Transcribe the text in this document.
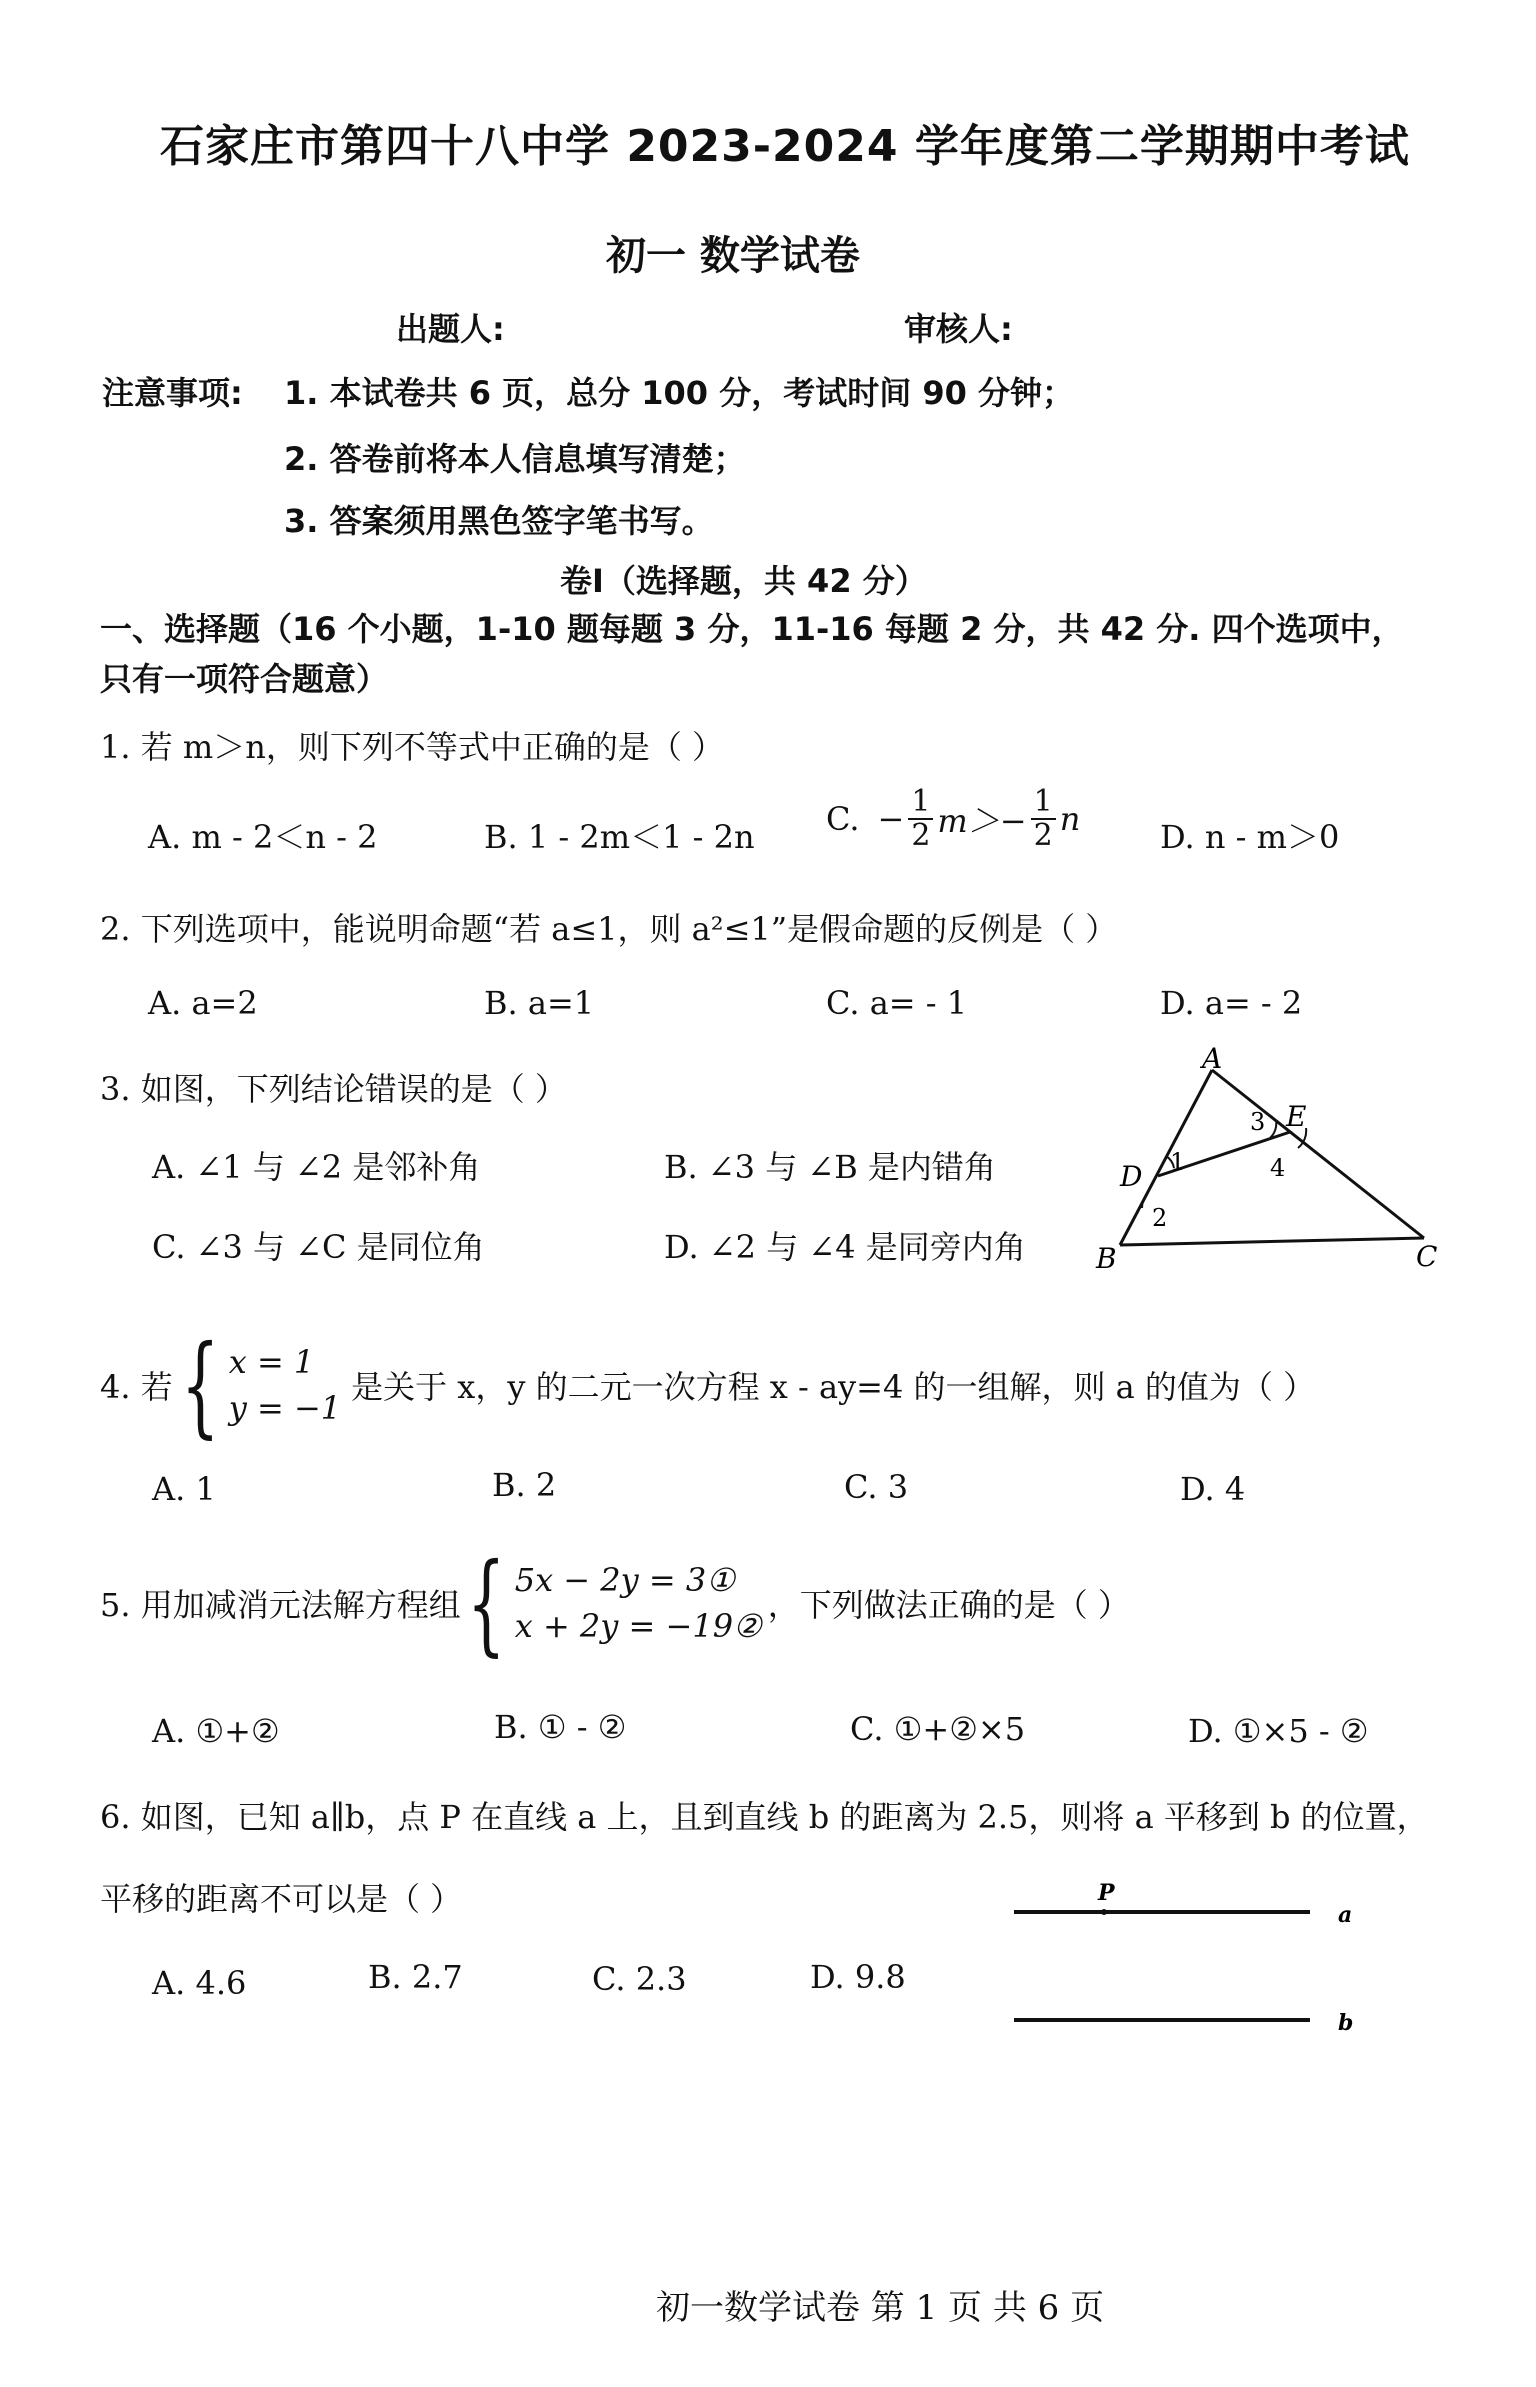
石家庄市第四十八中学 2023-2024 学年度第二学期期中考试
初一 数学试卷
出题人:	审核人:
注意事项: 1. 本试卷共 6 页，总分 100 分，考试时间 90 分钟；
2. 答卷前将本人信息填写清楚；
3. 答案须用黑色签字笔书写。
卷Ⅰ（选择题，共 42 分）
一、选择题（16 个小题，1-10 题每题 3 分，11-16 每题 2 分，共 42 分. 四个选项中，
只有一项符合题意）
1. 若 m＞n，则下列不等式中正确的是（ ）
A. m - 2＜n - 2	B. 1 - 2m＜1 - 2n C. − $\frac{1}{2} m>- \frac{1}{2}$ n D. n - m＞0
2. 下列选项中，能说明命题“若 a≤1，则 a²≤1”是假命题的反例是（ ）
A. a=2	B. a=1	C. a= - 1	D. a= - 2
3. 如图，下列结论错误的是（ ）
A. ∠1 与 ∠2 是邻补角	B. ∠3 与 ∠B 是内错角
C. ∠3 与 ∠C 是同位角	D. ∠2 与 ∠4 是同旁内角
A
B	C
D
E
1
2
3
4
4. 若 { x = 1
y = −1
是关于 x，y 的二元一次方程 x - ay=4 的一组解，则 a 的值为（ ）
A. 1	B. 2	C. 3	D. 4
5. 用加减消元法解方程组 { 5x − 2y = 3①
x + 2y = −19②
，下列做法正确的是（ ）
A. ①+②	B. ① - ②	C. ①+②×5	D. ①×5 - ②
6. 如图，已知 a∥b，点 P 在直线 a 上，且到直线 b 的距离为 2.5，则将 a 平移到 b 的位置，
平移的距离不可以是（ ）
A. 4.6	B. 2.7	C. 2.3	D. 9.8
P
a
b
初一数学试卷 第 1 页 共 6 页
